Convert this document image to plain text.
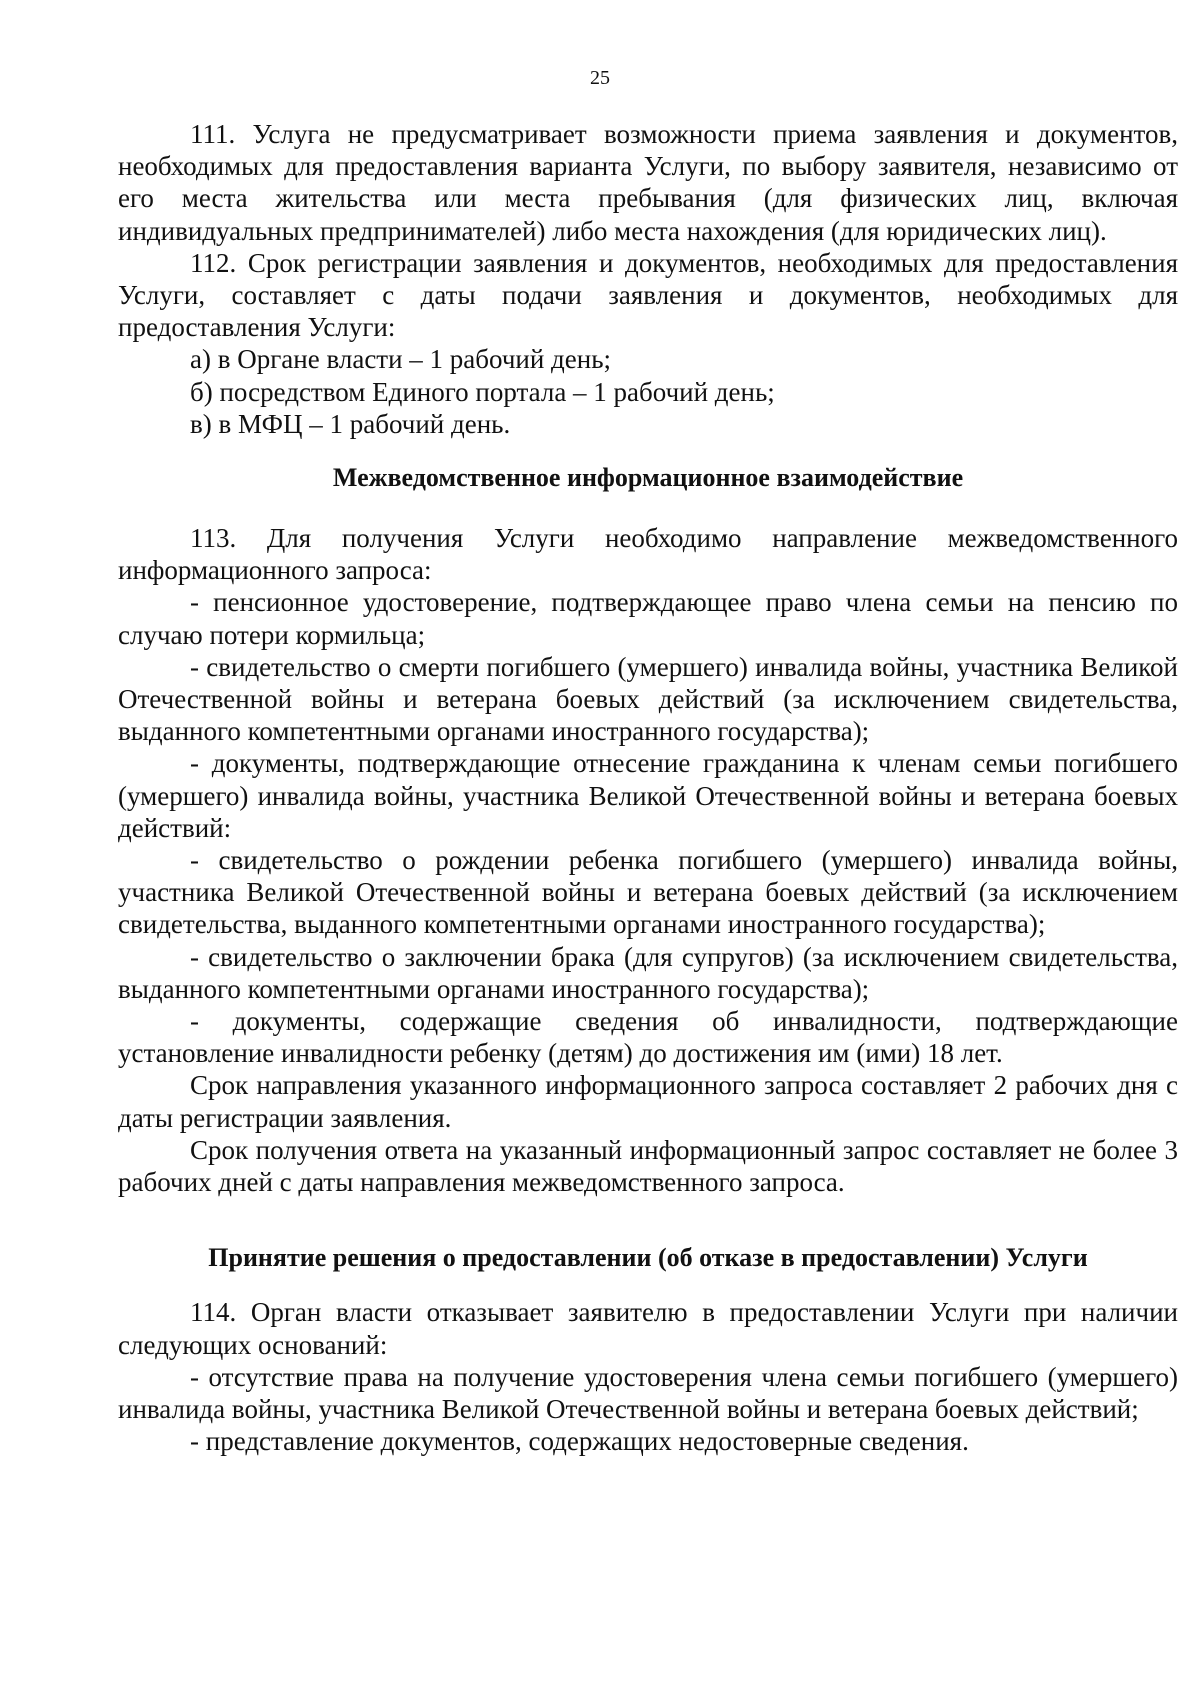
25

111. Услуга не предусматривает возможности приема заявления и документов, необходимых для предоставления варианта Услуги, по выбору заявителя, независимо от его места жительства или места пребывания (для физических лиц, включая индивидуальных предпринимателей) либо места нахождения (для юридических лиц).

112. Срок регистрации заявления и документов, необходимых для предоставления Услуги, составляет с даты подачи заявления и документов, необходимых для предоставления Услуги:

а) в Органе власти – 1 рабочий день;

б) посредством Единого портала – 1 рабочий день;

в) в МФЦ – 1 рабочий день.

Межведомственное информационное взаимодействие

113. Для получения Услуги необходимо направление межведомственного информационного запроса:

- пенсионное удостоверение, подтверждающее право члена семьи на пенсию по случаю потери кормильца;

- свидетельство о смерти погибшего (умершего) инвалида войны, участника Великой Отечественной войны и ветерана боевых действий (за исключением свидетельства, выданного компетентными органами иностранного государства);

- документы, подтверждающие отнесение гражданина к членам семьи погибшего (умершего) инвалида войны, участника Великой Отечественной войны и ветерана боевых действий:

- свидетельство о рождении ребенка погибшего (умершего) инвалида войны, участника Великой Отечественной войны и ветерана боевых действий (за исключением свидетельства, выданного компетентными органами иностранного государства);

- свидетельство о заключении брака (для супругов) (за исключением свидетельства, выданного компетентными органами иностранного государства);

- документы, содержащие сведения об инвалидности, подтверждающие установление инвалидности ребенку (детям) до достижения им (ими) 18 лет.

Срок направления указанного информационного запроса составляет 2 рабочих дня с даты регистрации заявления.

Срок получения ответа на указанный информационный запрос составляет не более 3 рабочих дней с даты направления межведомственного запроса.

Принятие решения о предоставлении (об отказе в предоставлении) Услуги

114. Орган власти отказывает заявителю в предоставлении Услуги при наличии следующих оснований:

- отсутствие права на получение удостоверения члена семьи погибшего (умершего) инвалида войны, участника Великой Отечественной войны и ветерана боевых действий;

- представление документов, содержащих недостоверные сведения.
